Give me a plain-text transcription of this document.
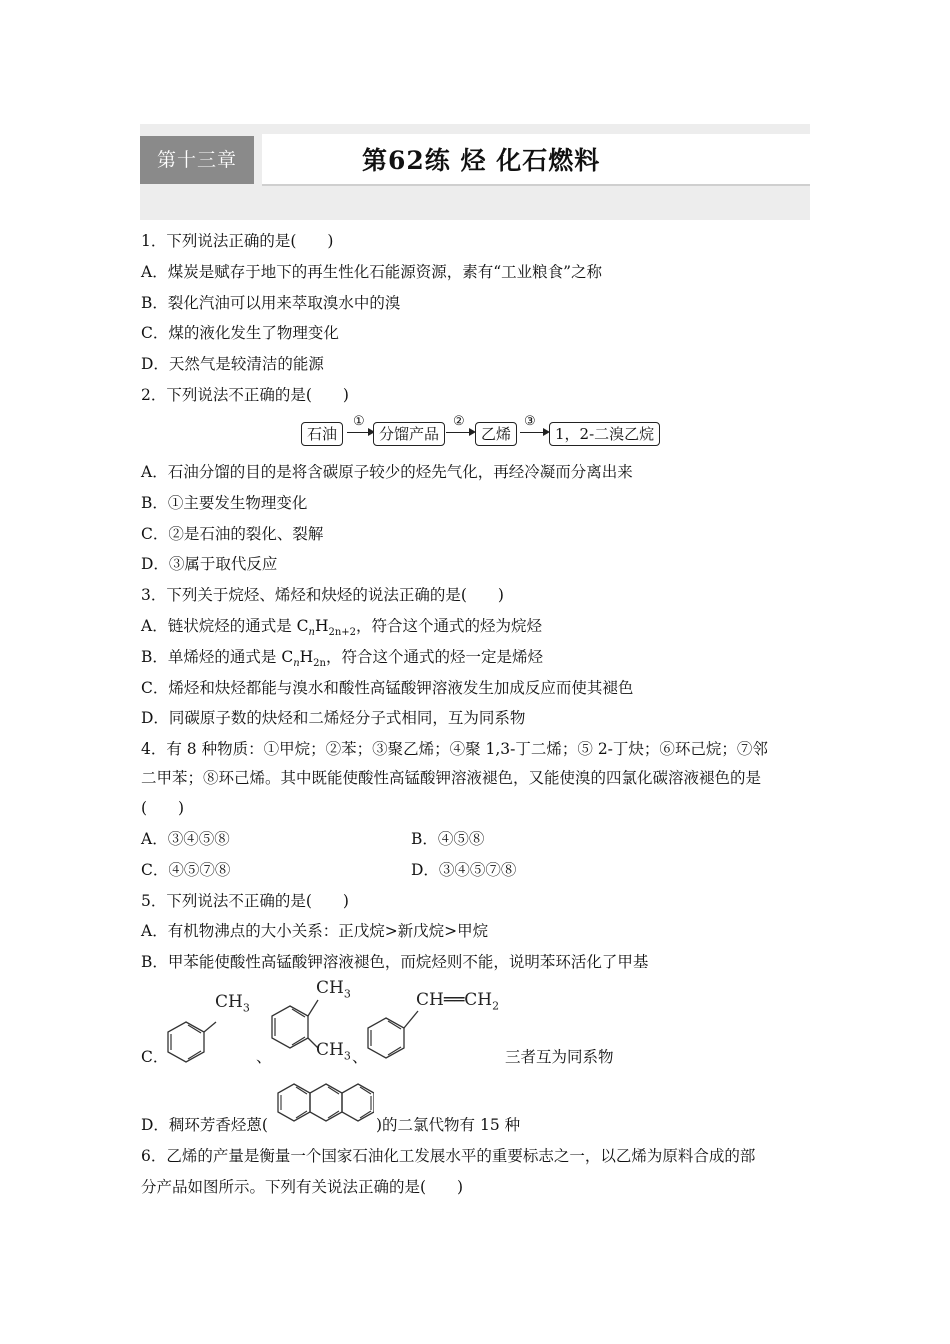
第十三章	第62练 烃 化石燃料
1．下列说法正确的是(　　)
A．煤炭是赋存于地下的再生性化石能源资源，素有“工业粮食”之称
B．裂化汽油可以用来萃取溴水中的溴
C．煤的液化发生了物理变化
D．天然气是较清洁的能源
2．下列说法不正确的是(　　)
石油
①
分馏产品
②
乙烯
③
1，2-二溴乙烷
A．石油分馏的目的是将含碳原子较少的烃先气化，再经冷凝而分离出来
B．①主要发生物理变化
C．②是石油的裂化、裂解
D．③属于取代反应
3．下列关于烷烃、烯烃和炔烃的说法正确的是(　　)
A．链状烷烃的通式是 $C_nH_{2n+2}$，符合这个通式的烃为烷烃
B．单烯烃的通式是 $C_nH_{2n}$，符合这个通式的烃一定是烯烃
C．烯烃和炔烃都能与溴水和酸性高锰酸钾溶液发生加成反应而使其褪色
D．同碳原子数的炔烃和二烯烃分子式相同，互为同系物
4．有 8 种物质：①甲烷；②苯；③聚乙烯；④聚 1,3-丁二烯；⑤ 2-丁炔；⑥环己烷；⑦邻
二甲苯；⑧环己烯。其中既能使酸性高锰酸钾溶液褪色，又能使溴的四氯化碳溶液褪色的是
(　　)
A．③④⑤⑧	B．④⑤⑧
C．④⑤⑦⑧	D．③④⑤⑦⑧
5．下列说法不正确的是(　　)
A．有机物沸点的大小关系：正戊烷>新戊烷>甲烷
B．甲苯能使酸性高锰酸钾溶液褪色，而烷烃则不能，说明苯环活化了甲基
C．
$CH_3$
、
$CH_3$
$CH_3$ 、
$CH══CH_2$
三者互为同系物
D．稠环芳香烃蒽(	)的二氯代物有 15 种
6．乙烯的产量是衡量一个国家石油化工发展水平的重要标志之一，以乙烯为原料合成的部
分产品如图所示。下列有关说法正确的是(　　)
